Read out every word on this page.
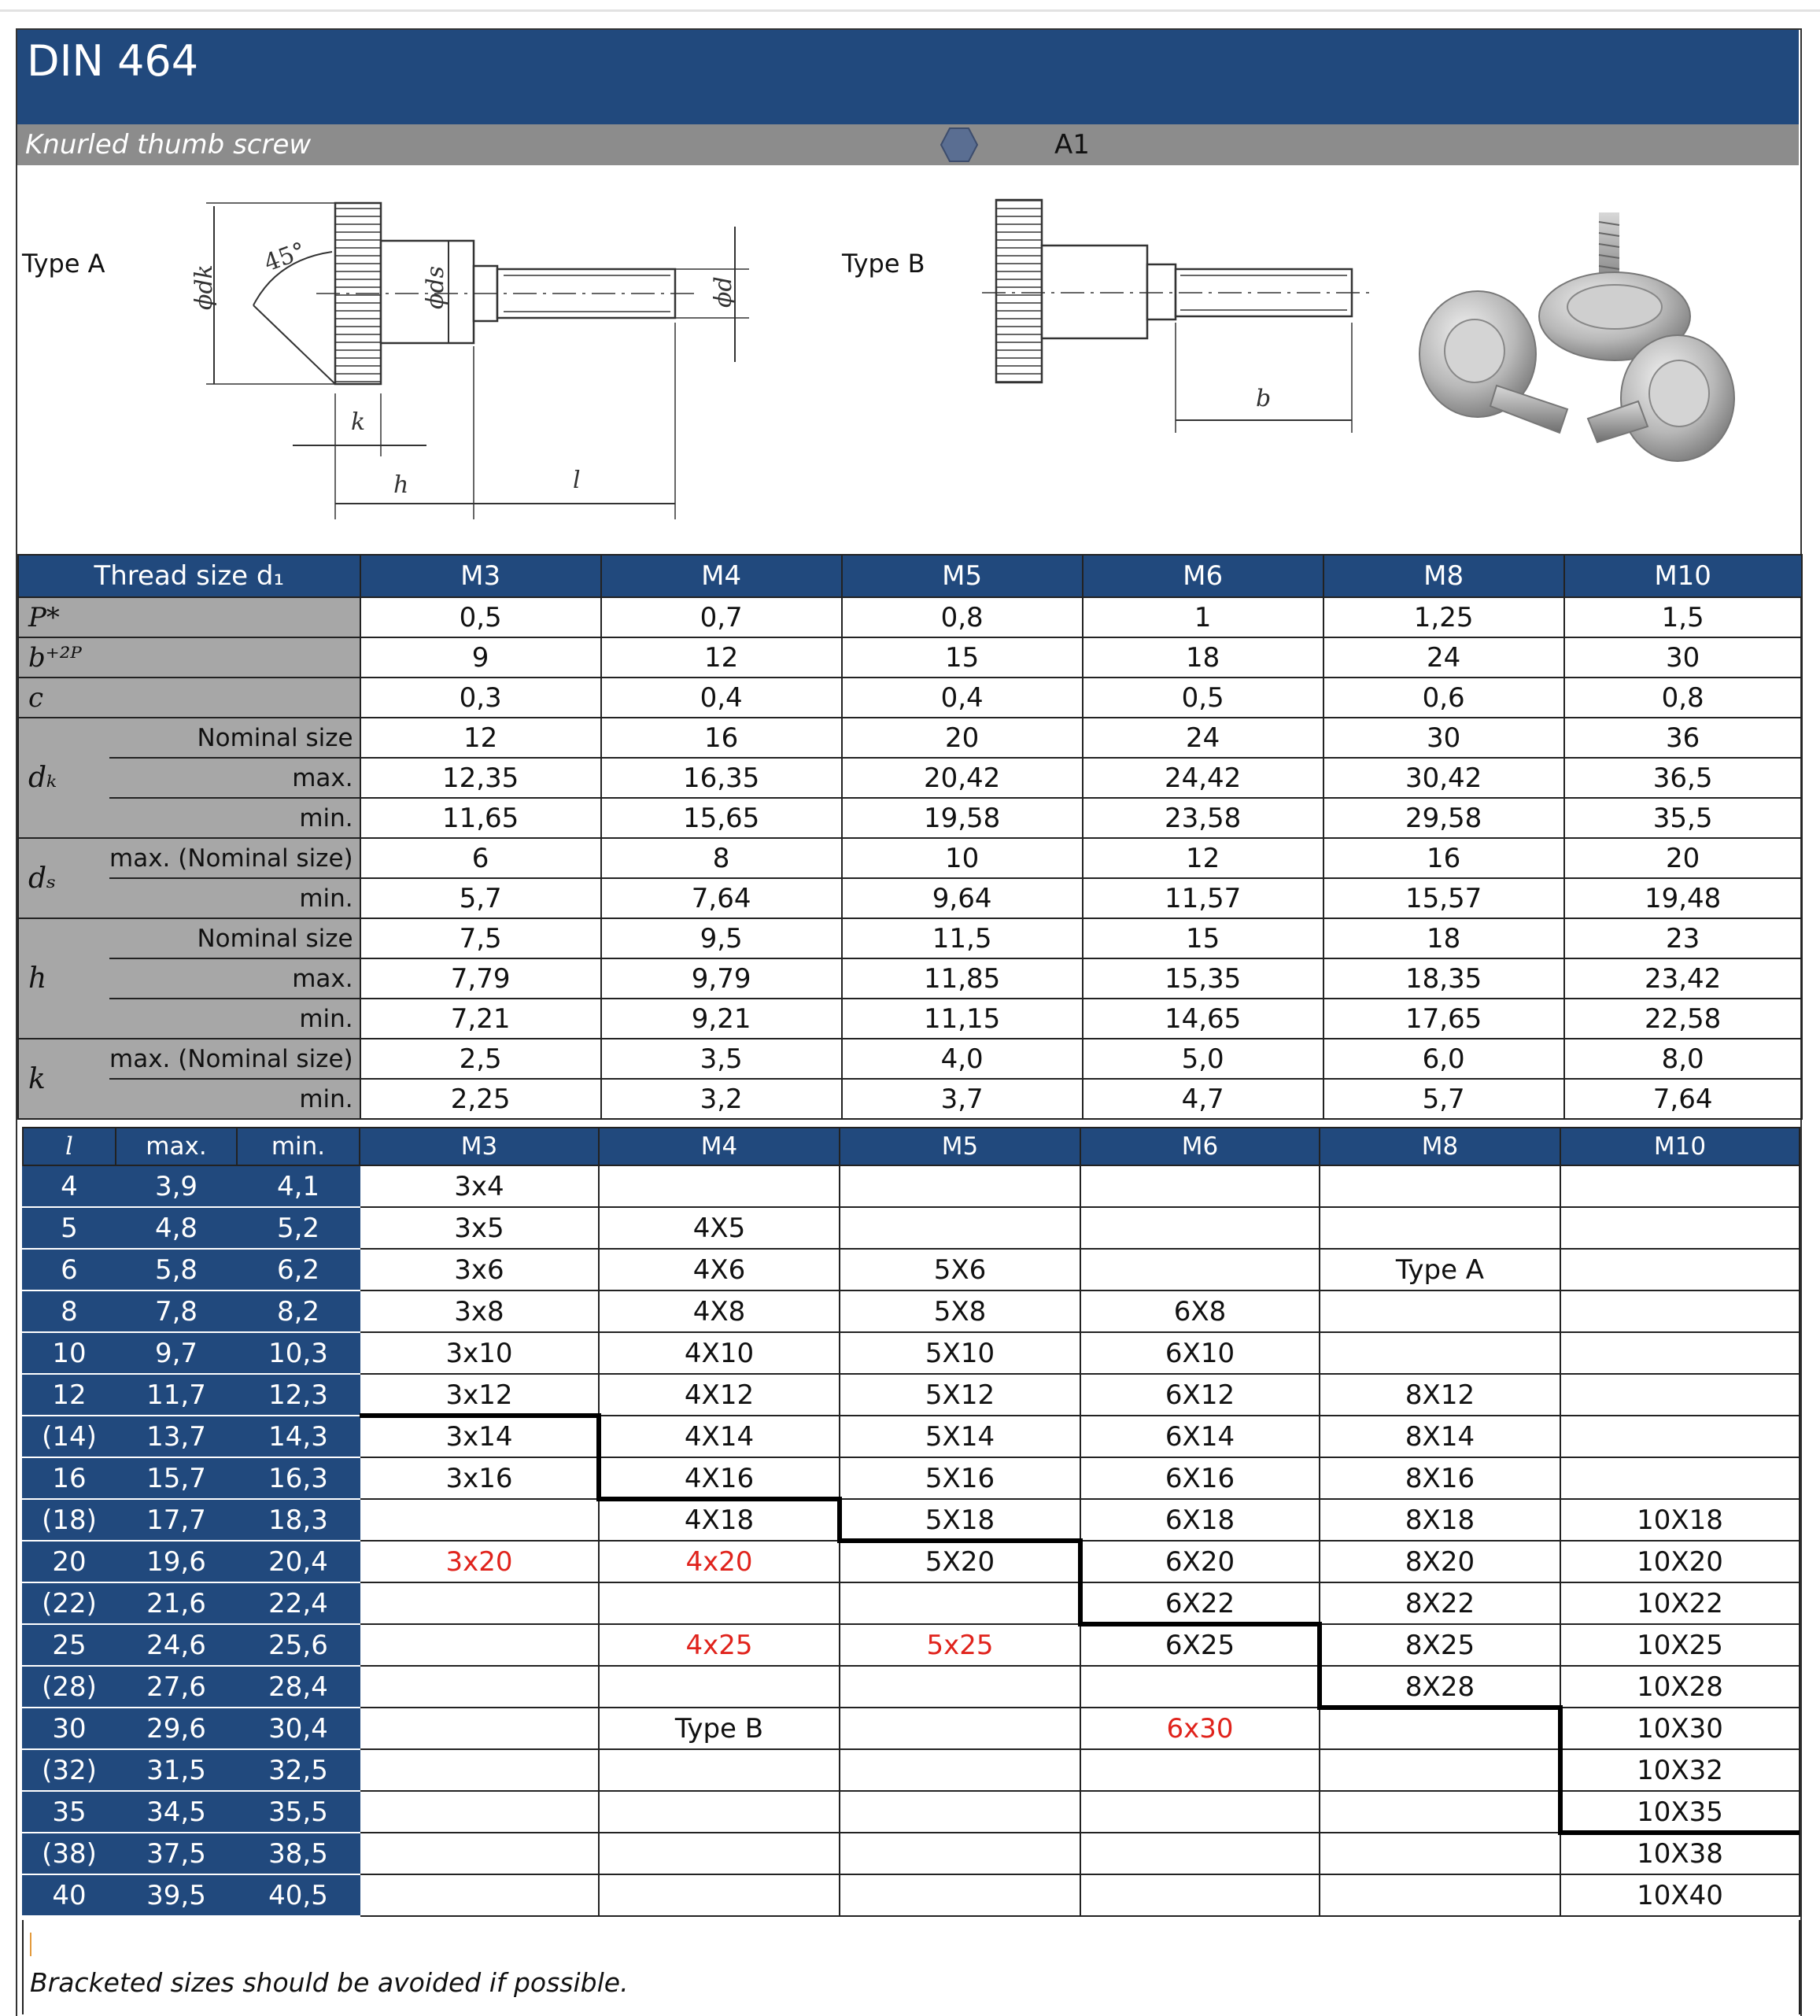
DIN 464
Knurled thumb screw	A1
Type A	Type B
ϕdk
45°
ϕds	ϕd
k
h	l
b
Thread size d₁		M3	M4	M5	M6	M8	M10
P*		0,5	0,7	0,8	1	1,25	1,5
b⁺²ᴾ		9	12	15	18	24	30
c		0,3	0,4	0,4	0,5	0,6	0,8
dₖ	Nominal size	12	16	20	24	30	36
	max.	12,35	16,35	20,42	24,42	30,42	36,5
	min.	11,65	15,65	19,58	23,58	29,58	35,5
dₛ	max. (Nominal size)	6	8	10	12	16	20
	min.	5,7	7,64	9,64	11,57	15,57	19,48
h	Nominal size	7,5	9,5	11,5	15	18	23
	max.	7,79	9,79	11,85	15,35	18,35	23,42
	min.	7,21	9,21	11,15	14,65	17,65	22,58
k	max. (Nominal size)	2,5	3,5	4,0	5,0	6,0	8,0
	min.	2,25	3,2	3,7	4,7	5,7	7,64
l	max.	min.	M3	M4	M5	M6	M8	M10
4	3,9	4,1	3x4					
5	4,8	5,2	3x5	4X5				
6	5,8	6,2	3x6	4X6	5X6		Type A	
8	7,8	8,2	3x8	4X8	5X8	6X8		
10	9,7	10,3	3x10	4X10	5X10	6X10		
12	11,7	12,3	3x12	4X12	5X12	6X12	8X12	
(14)	13,7	14,3	3x14	4X14	5X14	6X14	8X14	
16	15,7	16,3	3x16	4X16	5X16	6X16	8X16	
(18)	17,7	18,3		4X18	5X18	6X18	8X18	10X18
20	19,6	20,4	3x20	4x20	5X20	6X20	8X20	10X20
(22)	21,6	22,4				6X22	8X22	10X22
25	24,6	25,6		4x25	5x25	6X25	8X25	10X25
(28)	27,6	28,4					8X28	10X28
30	29,6	30,4		Type B		6x30		10X30
(32)	31,5	32,5						10X32
35	34,5	35,5						10X35
(38)	37,5	38,5						10X38
40	39,5	40,5						10X40
Bracketed sizes should be avoided if possible.
